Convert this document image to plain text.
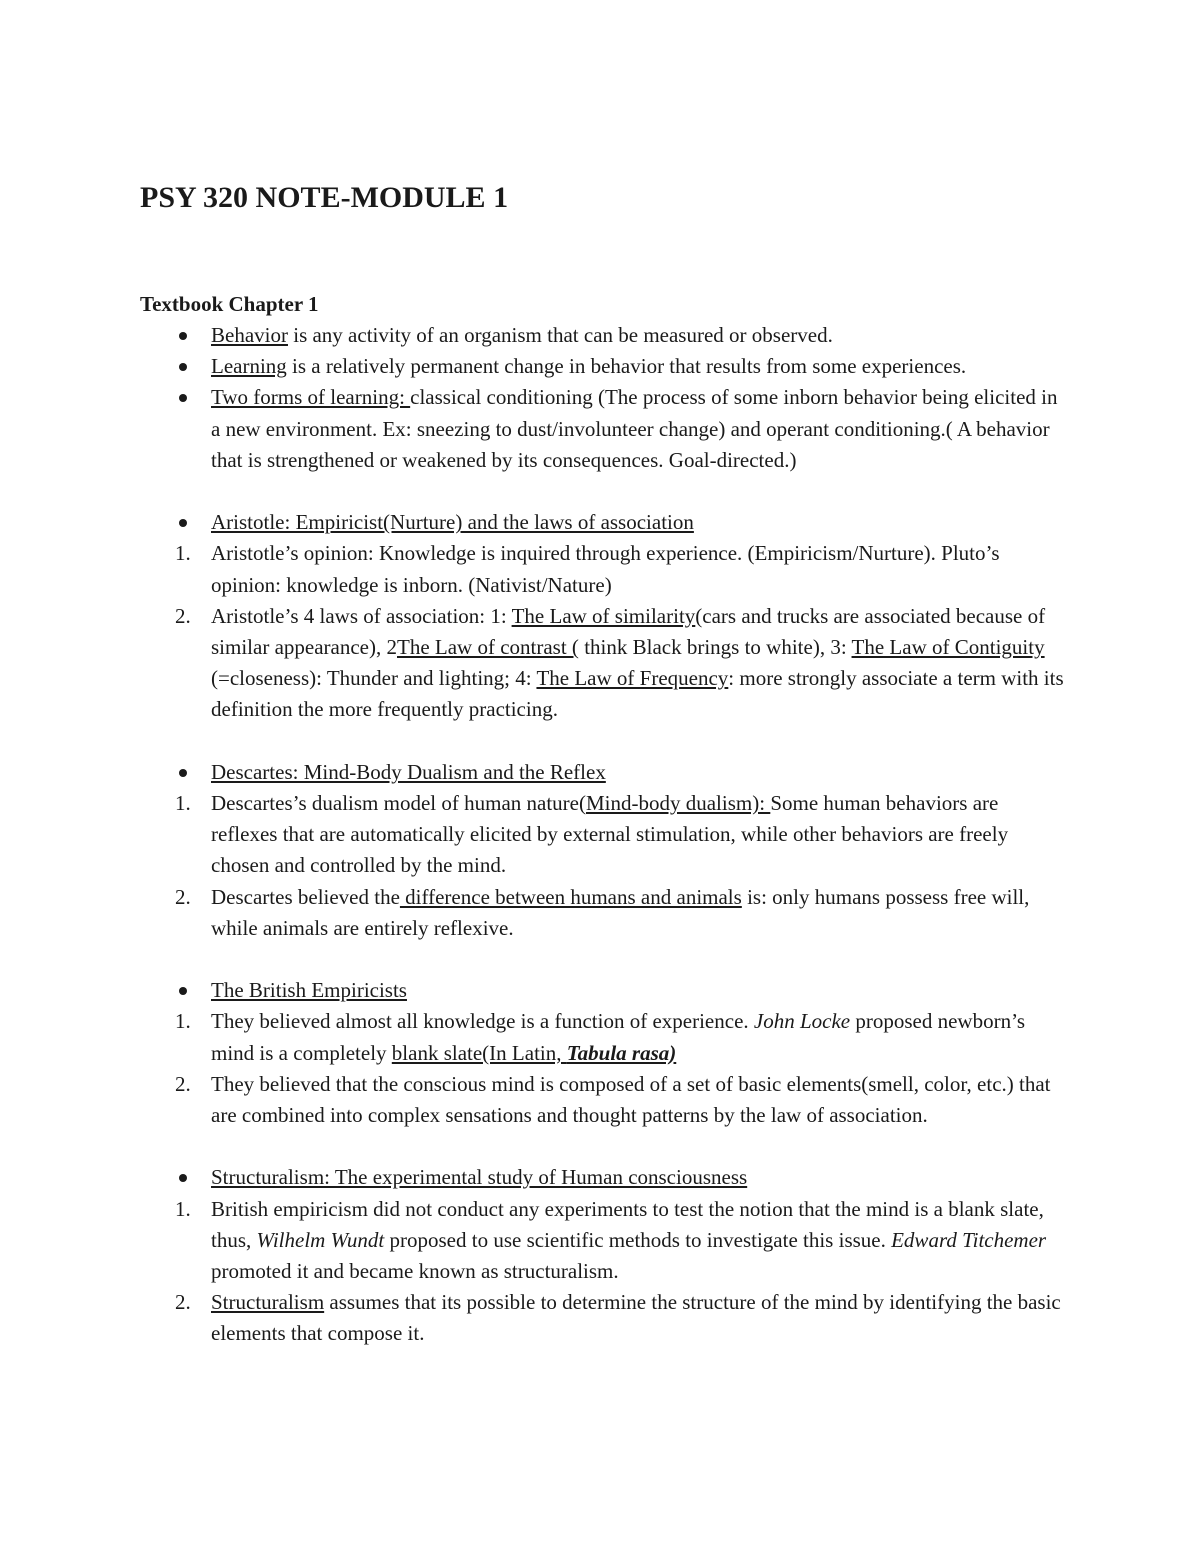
PSY 320 NOTE-MODULE 1
Textbook Chapter 1

Behavior is any activity of an organism that can be measured or observed.

Learning is a relatively permanent change in behavior that results from some experiences.

Two forms of learning: classical conditioning (The process of some inborn behavior being elicited in a new environment. Ex: sneezing to dust/involunteer change) and operant conditioning.( A behavior that is strengthened or weakened by its consequences. Goal-directed.)

Aristotle: Empiricist(Nurture) and the laws of association

1. Aristotle’s opinion: Knowledge is inquired through experience. (Empiricism/Nurture). Pluto’s opinion: knowledge is inborn. (Nativist/Nature)

2. Aristotle’s 4 laws of association: 1: The Law of similarity(cars and trucks are associated because of similar appearance), 2The Law of contrast ( think Black brings to white), 3: The Law of Contiguity (=closeness): Thunder and lighting; 4: The Law of Frequency: more strongly associate a term with its definition the more frequently practicing.

Descartes: Mind-Body Dualism and the Reflex

1. Descartes’s dualism model of human nature(Mind-body dualism): Some human behaviors are reflexes that are automatically elicited by external stimulation, while other behaviors are freely chosen and controlled by the mind.

2. Descartes believed the difference between humans and animals is: only humans possess free will, while animals are entirely reflexive.

The British Empiricists

1. They believed almost all knowledge is a function of experience. John Locke proposed newborn’s mind is a completely blank slate(In Latin, Tabula rasa)

2. They believed that the conscious mind is composed of a set of basic elements(smell, color, etc.) that are combined into complex sensations and thought patterns by the law of association.

Structuralism: The experimental study of Human consciousness

1. British empiricism did not conduct any experiments to test the notion that the mind is a blank slate, thus, Wilhelm Wundt proposed to use scientific methods to investigate this issue. Edward Titchemer promoted it and became known as structuralism.

2. Structuralism assumes that its possible to determine the structure of the mind by identifying the basic elements that compose it.
